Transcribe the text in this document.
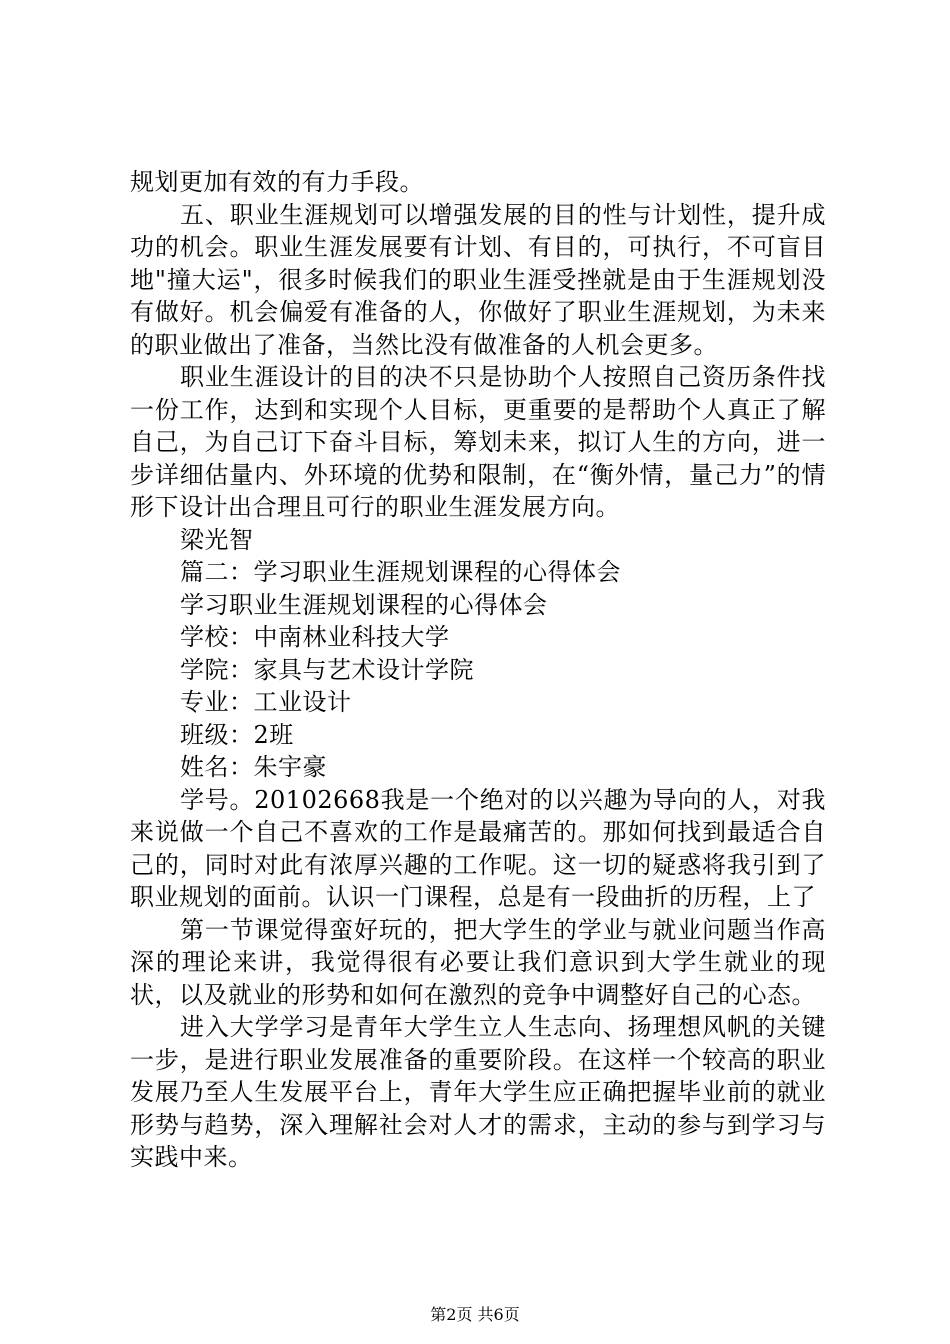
规划更加有效的有力手段。

五、职业生涯规划可以增强发展的目的性与计划性，提升成功的机会。职业生涯发展要有计划、有目的，可执行，不可盲目地"撞大运"，很多时候我们的职业生涯受挫就是由于生涯规划没有做好。机会偏爱有准备的人，你做好了职业生涯规划，为未来的职业做出了准备，当然比没有做准备的人机会更多。

职业生涯设计的目的决不只是协助个人按照自己资历条件找一份工作，达到和实现个人目标，更重要的是帮助个人真正了解自己，为自己订下奋斗目标，筹划未来，拟订人生的方向，进一步详细估量内、外环境的优势和限制，在“衡外情，量己力”的情形下设计出合理且可行的职业生涯发展方向。

梁光智

篇二：学习职业生涯规划课程的心得体会

学习职业生涯规划课程的心得体会

学校：中南林业科技大学

学院：家具与艺术设计学院

专业：工业设计

班级：2班

姓名：朱宇豪

学号。20102668我是一个绝对的以兴趣为导向的人，对我来说做一个自己不喜欢的工作是最痛苦的。那如何找到最适合自己的，同时对此有浓厚兴趣的工作呢。这一切的疑惑将我引到了职业规划的面前。认识一门课程，总是有一段曲折的历程，上了

第一节课觉得蛮好玩的，把大学生的学业与就业问题当作高深的理论来讲，我觉得很有必要让我们意识到大学生就业的现状，以及就业的形势和如何在激烈的竞争中调整好自己的心态。

进入大学学习是青年大学生立人生志向、扬理想风帆的关键一步，是进行职业发展准备的重要阶段。在这样一个较高的职业发展乃至人生发展平台上，青年大学生应正确把握毕业前的就业形势与趋势，深入理解社会对人才的需求，主动的参与到学习与实践中来。

第2页 共6页
